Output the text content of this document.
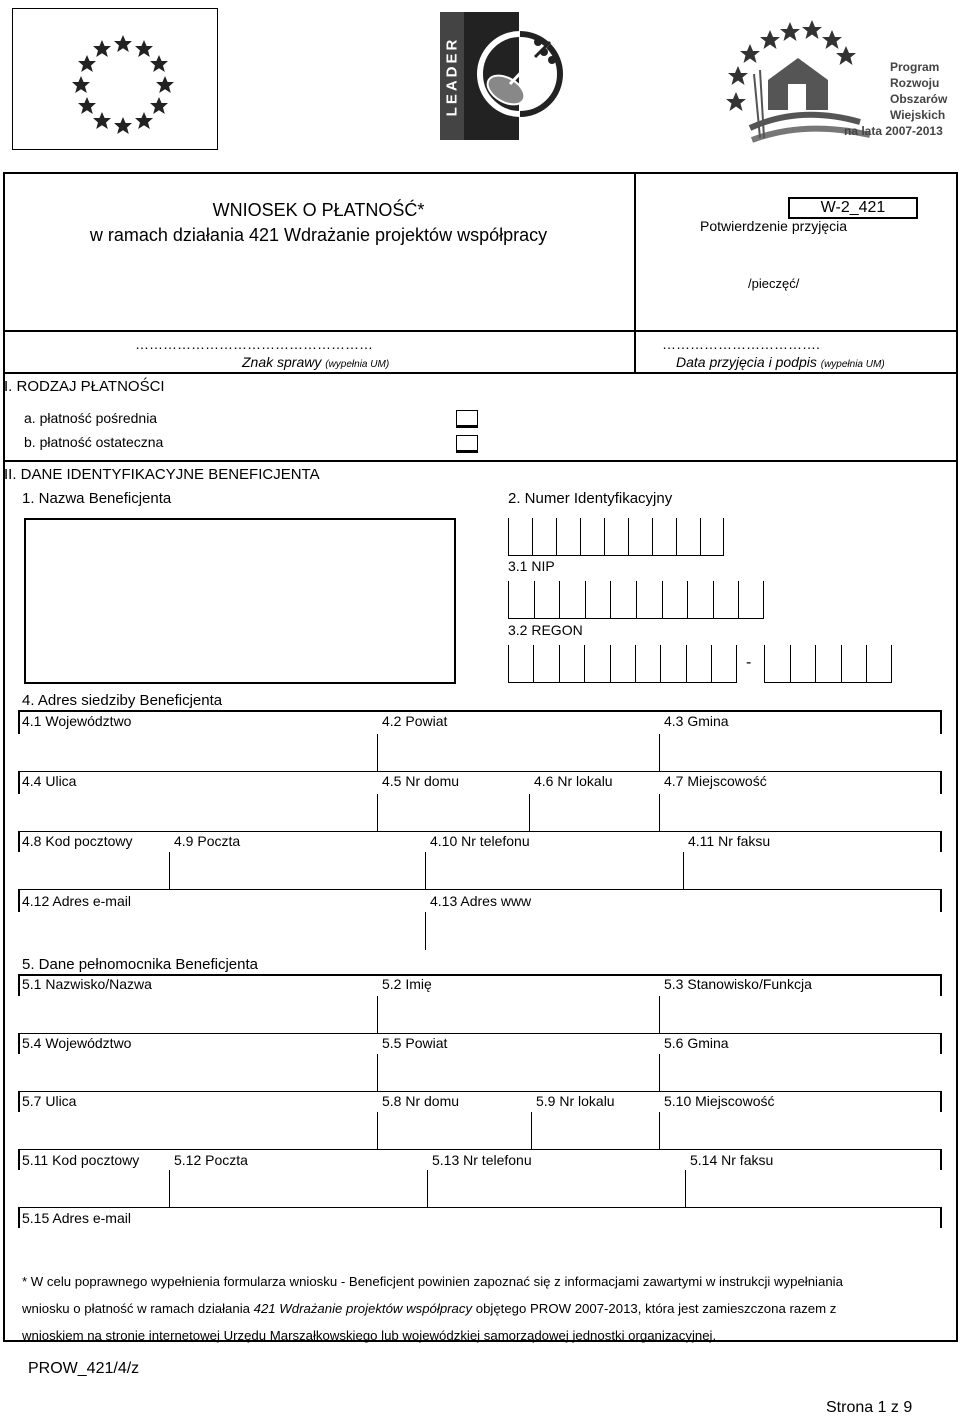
LEADER	Program
Rozwoju
Obszarów
Wiejskich
na lata 2007-2013
WNIOSEK O PŁATNOŚĆ*
w ramach działania 421 Wdrażanie projektów współpracy
W-2_421
Potwierdzenie przyjęcia
/pieczęć/
……………………………………………
Znak sprawy (wypełnia UM)
…………………………….
Data przyjęcia i podpis (wypełnia UM)
I. RODZAJ PŁATNOŚCI
a. płatność pośrednia
b. płatność ostateczna
II. DANE IDENTYFIKACYJNE BENEFICJENTA
1. Nazwa Beneficjenta	2. Numer Identyfikacyjny
3.1 NIP
3.2 REGON
-
4. Adres siedziby Beneficjenta
4.1 Województwo	4.2 Powiat	4.3 Gmina
4.4 Ulica	4.5 Nr domu	4.6 Nr lokalu	4.7 Miejscowość
4.8 Kod pocztowy	4.9 Poczta	4.10 Nr telefonu	4.11 Nr faksu
4.12 Adres e-mail	4.13 Adres www
5. Dane pełnomocnika Beneficjenta
5.1 Nazwisko/Nazwa	5.2 Imię	5.3 Stanowisko/Funkcja
5.4 Województwo	5.5 Powiat	5.6 Gmina
5.7 Ulica	5.8 Nr domu	5.9 Nr lokalu	5.10 Miejscowość
5.11 Kod pocztowy 5.12 Poczta	5.13 Nr telefonu	5.14 Nr faksu
5.15 Adres e-mail
* W celu poprawnego wypełnienia formularza wniosku - Beneficjent powinien zapoznać się z informacjami zawartymi w instrukcji wypełniania
wniosku o płatność w ramach działania 421 Wdrażanie projektów współpracy objętego PROW 2007-2013, która jest zamieszczona razem z
wnioskiem na stronie internetowej Urzędu Marszałkowskiego lub wojewódzkiej samorządowej jednostki organizacyjnej.
PROW_421/4/z
Strona 1 z 9
